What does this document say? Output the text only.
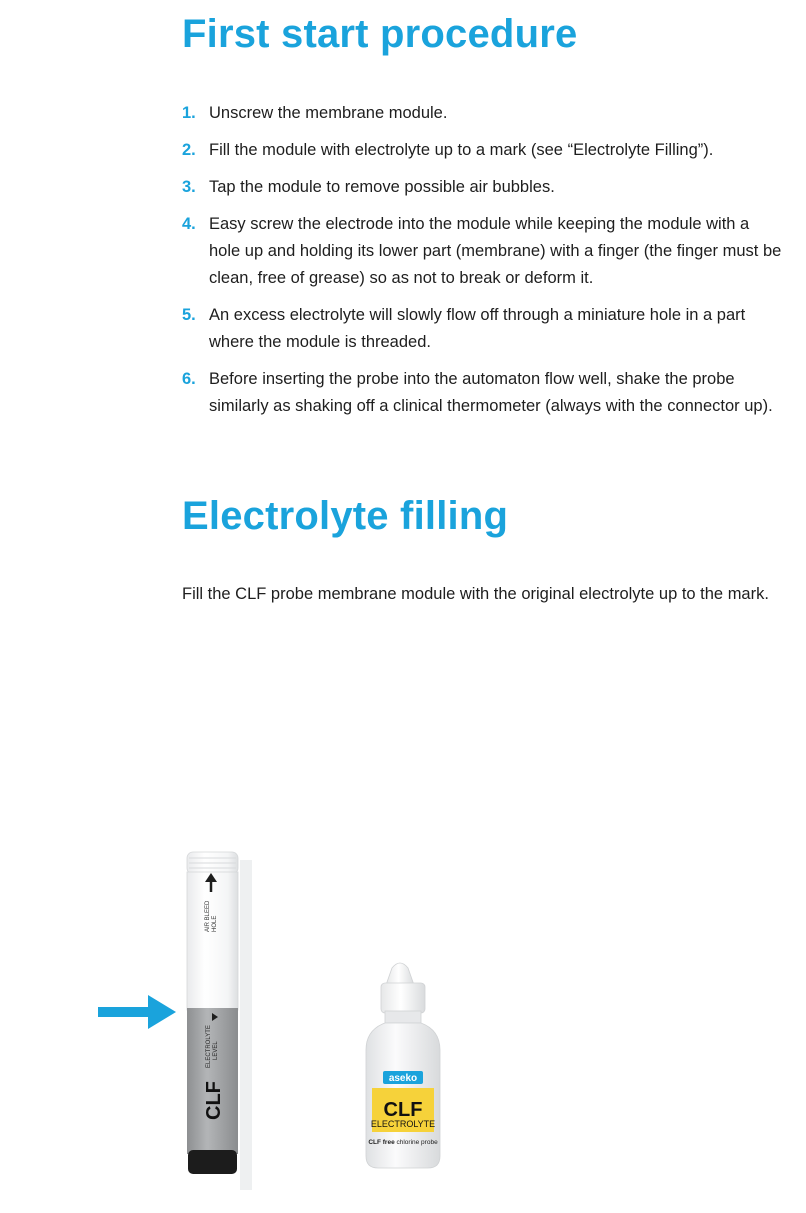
First start procedure
1. Unscrew the membrane module.
2. Fill the module with electrolyte up to a mark (see “Electrolyte Filling”).
3. Tap the module to remove possible air bubbles.
4. Easy screw the electrode into the module while keeping the module with a hole up and holding its lower part (membrane) with a finger (the finger must be clean, free of grease) so as not to break or deform it.
5. An excess electrolyte will slowly flow off through a miniature hole in a part where the module is threaded.
6. Before inserting the probe into the automaton flow well, shake the probe similarly as shaking off a clinical thermometer (always with the connector up).
Electrolyte filling

Fill the CLF probe membrane module with the original electrolyte up to the mark.

AIR BLEED HOLE
ELECTROLYTE LEVEL
CLF
aseko
CLF
ELECTROLYTE
CLF free chlorine probe
